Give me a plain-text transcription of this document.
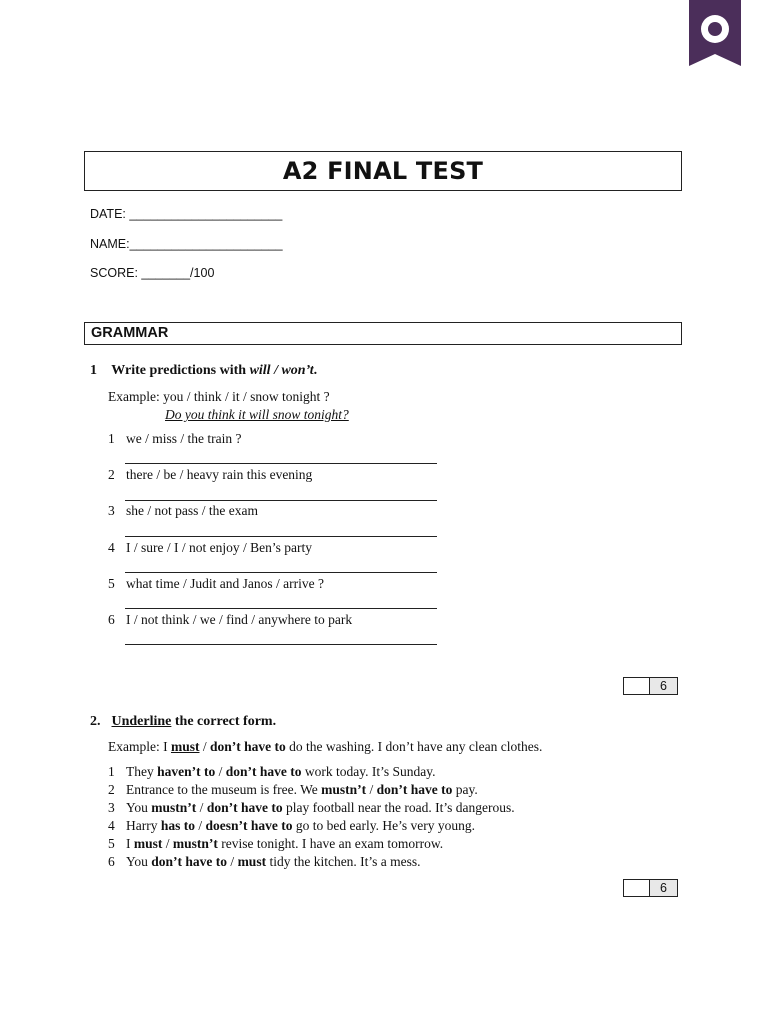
A2 FINAL TEST
DATE: ______________________
NAME:______________________
SCORE: _______/100
GRAMMAR
1 Write predictions with will / won’t.
Example: you / think / it / snow tonight ?
Do you think it will snow tonight?
1 we / miss / the train ?
2 there / be / heavy rain this evening
3 she / not pass / the exam
4 I / sure / I / not enjoy / Ben’s party
5 what time / Judit and Janos / arrive ?
6 I / not think / we / find / anywhere to park
6
2. Underline the correct form.
Example: I must / don’t have to do the washing. I don’t have any clean clothes.
1 They haven’t to / don’t have to work today. It’s Sunday.
2 Entrance to the museum is free. We mustn’t / don’t have to pay.
3 You mustn’t / don’t have to play football near the road. It’s dangerous.
4 Harry has to / doesn’t have to go to bed early. He’s very young.
5 I must / mustn’t revise tonight. I have an exam tomorrow.
6 You don’t have to / must tidy the kitchen. It’s a mess.
6
